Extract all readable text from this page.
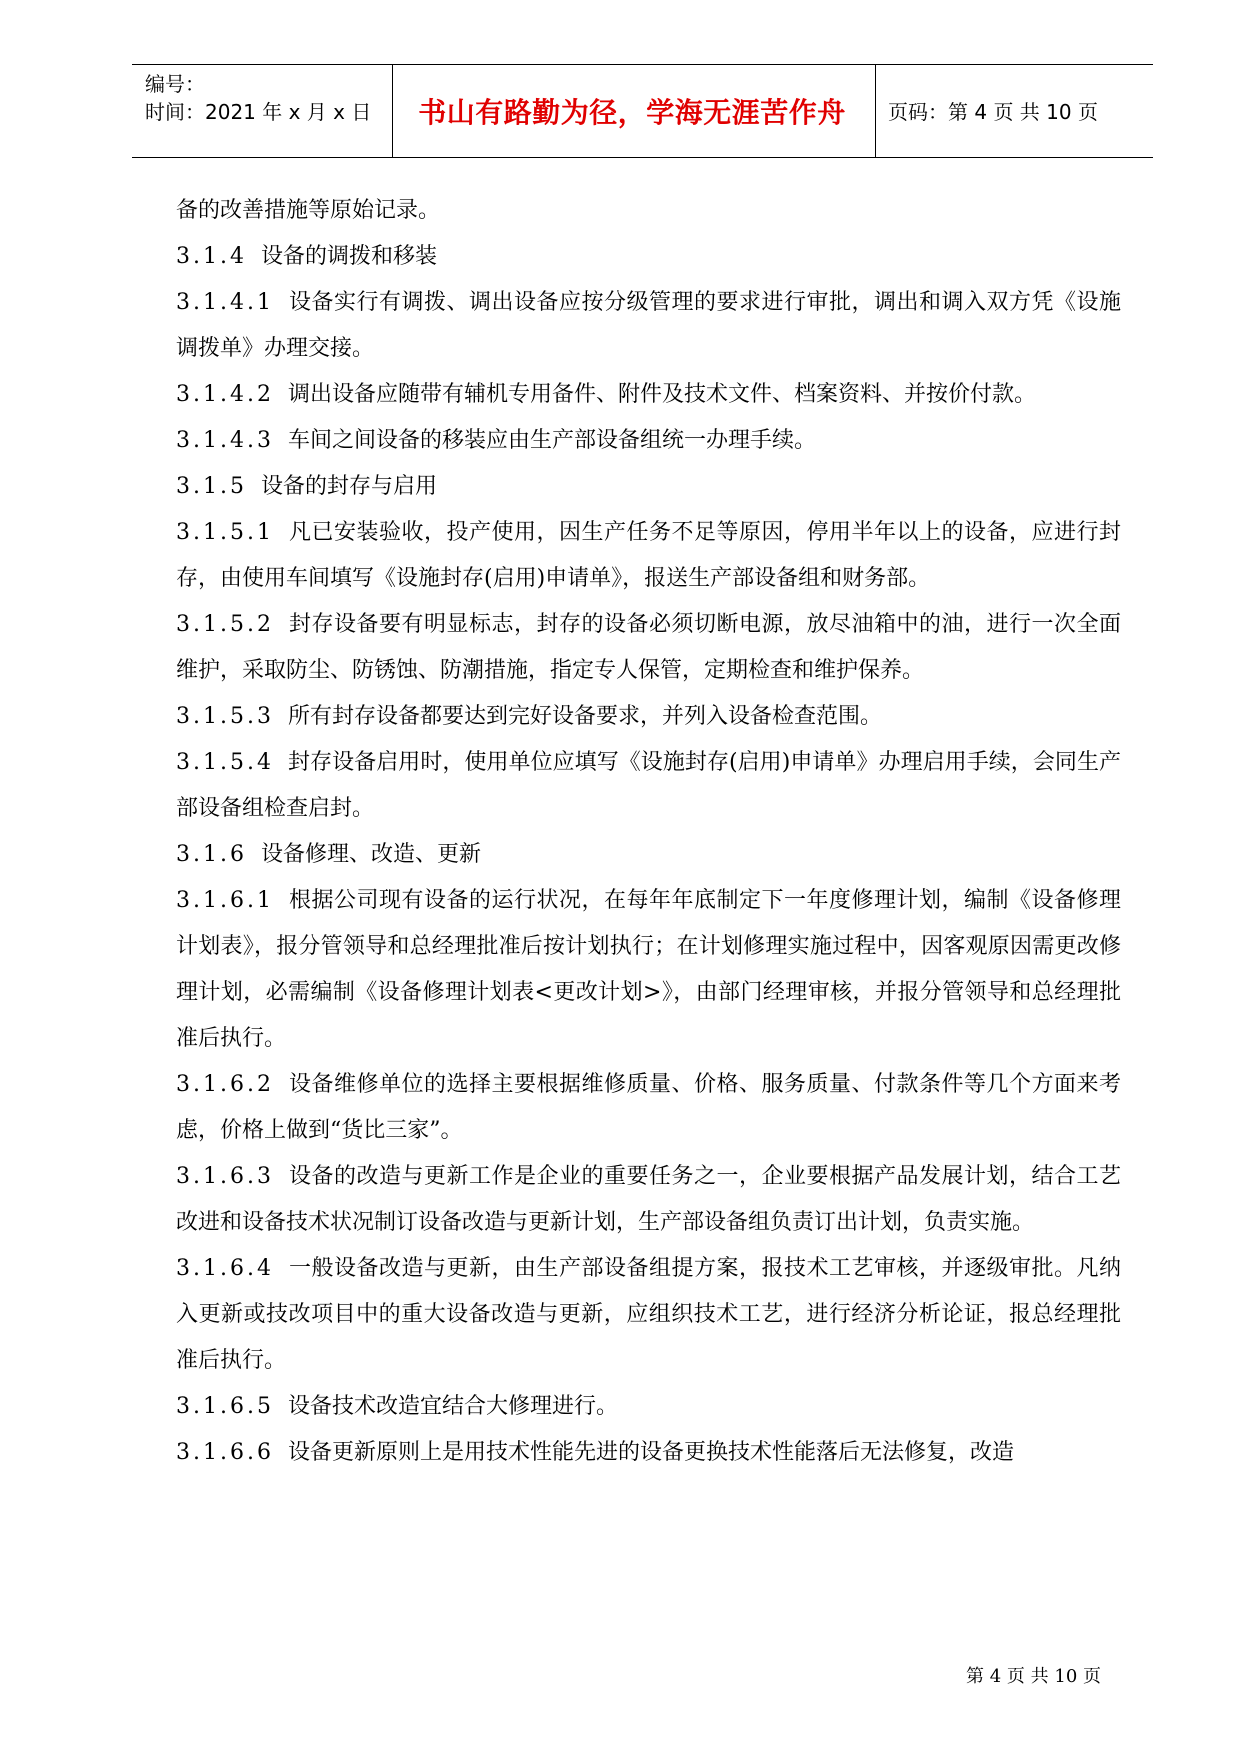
编号：
时间：2021 年 x 月 x 日	书山有路勤为径，学海无涯苦作舟	页码：第 4 页 共 10 页

备的改善措施等原始记录。

3.1.4  设备的调拨和移装

3.1.4.1  设备实行有调拨、调出设备应按分级管理的要求进行审批，调出和调入双方凭《设施调拨单》办理交接。

3.1.4.2  调出设备应随带有辅机专用备件、附件及技术文件、档案资料、并按价付款。

3.1.4.3  车间之间设备的移装应由生产部设备组统一办理手续。

3.1.5  设备的封存与启用

3.1.5.1  凡已安装验收，投产使用，因生产任务不足等原因，停用半年以上的设备，应进行封存，由使用车间填写《设施封存(启用)申请单》，报送生产部设备组和财务部。

3.1.5.2  封存设备要有明显标志，封存的设备必须切断电源，放尽油箱中的油，进行一次全面维护，采取防尘、防锈蚀、防潮措施，指定专人保管，定期检查和维护保养。

3.1.5.3  所有封存设备都要达到完好设备要求，并列入设备检查范围。

3.1.5.4  封存设备启用时，使用单位应填写《设施封存(启用)申请单》办理启用手续，会同生产部设备组检查启封。

3.1.6  设备修理、改造、更新

3.1.6.1  根据公司现有设备的运行状况，在每年年底制定下一年度修理计划，编制《设备修理计划表》，报分管领导和总经理批准后按计划执行；在计划修理实施过程中，因客观原因需更改修理计划，必需编制《设备修理计划表<更改计划>》，由部门经理审核，并报分管领导和总经理批准后执行。

3.1.6.2  设备维修单位的选择主要根据维修质量、价格、服务质量、付款条件等几个方面来考虑，价格上做到“货比三家”。

3.1.6.3  设备的改造与更新工作是企业的重要任务之一，企业要根据产品发展计划，结合工艺改进和设备技术状况制订设备改造与更新计划，生产部设备组负责订出计划，负责实施。

3.1.6.4  一般设备改造与更新，由生产部设备组提方案，报技术工艺审核，并逐级审批。凡纳入更新或技改项目中的重大设备改造与更新，应组织技术工艺，进行经济分析论证，报总经理批准后执行。

3.1.6.5  设备技术改造宜结合大修理进行。

3.1.6.6  设备更新原则上是用技术性能先进的设备更换技术性能落后无法修复，改造

第 4 页 共 10 页
